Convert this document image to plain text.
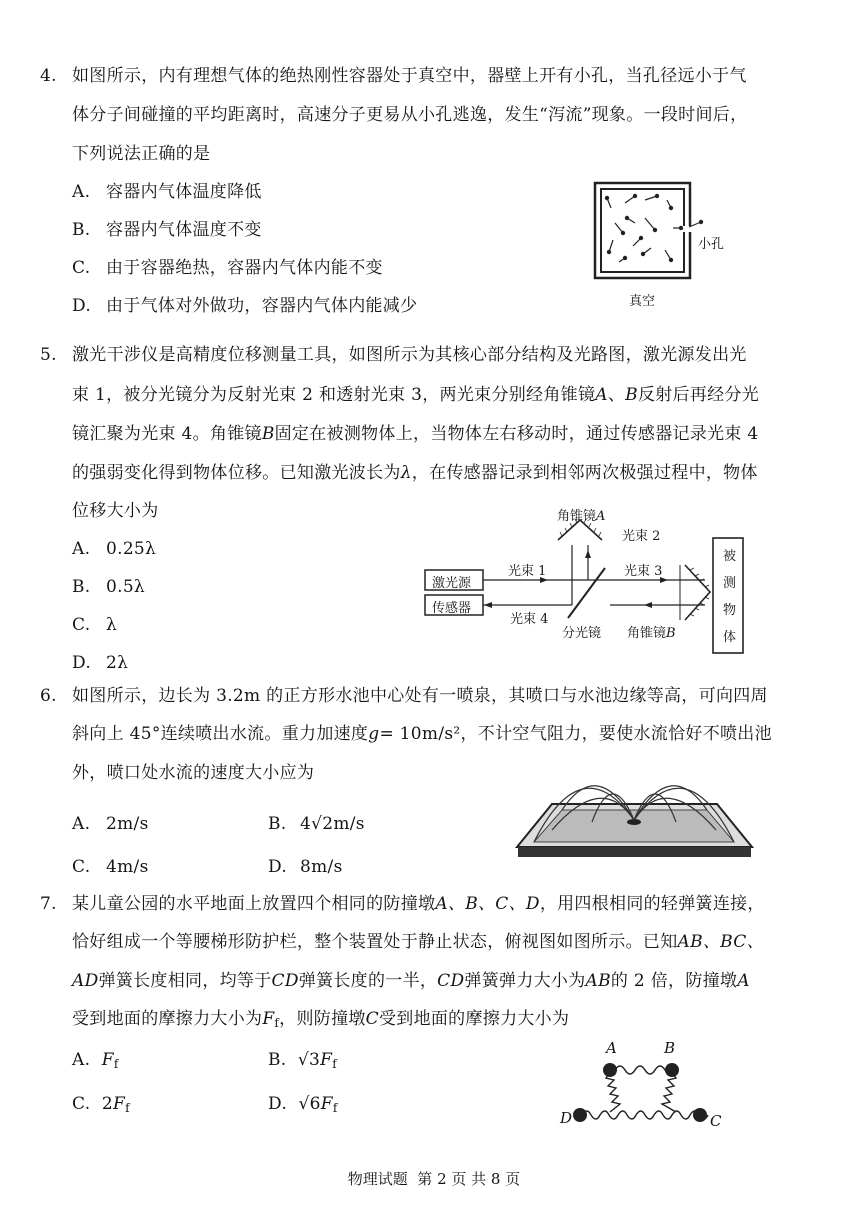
4. 如图所示，内有理想气体的绝热刚性容器处于真空中，器壁上开有小孔，当孔径远小于气
体分子间碰撞的平均距离时，高速分子更易从小孔逃逸，发生“泻流”现象。一段时间后，
下列说法正确的是
A. 容器内气体温度降低
B. 容器内气体温度不变
C. 由于容器绝热，容器内气体内能不变
D. 由于气体对外做功，容器内气体内能减少
小孔
真空
5. 激光干涉仪是高精度位移测量工具，如图所示为其核心部分结构及光路图，激光源发出光
束 1，被分光镜分为反射光束 2 和透射光束 3，两光束分别经角锥镜A、B反射后再经分光
镜汇聚为光束 4。角锥镜B固定在被测物体上，当物体左右移动时，通过传感器记录光束 4
的强弱变化得到物体位移。已知激光波长为λ，在传感器记录到相邻两次极强过程中，物体
位移大小为
A. 0.25λ
B. 0.5λ
C. λ
D. 2λ
角锥镜A
光束 2
光束 1	光束 3
光束 4
激光源
传感器
分光镜 角锥镜B
被
测
物
体
6. 如图所示，边长为 3.2m 的正方形水池中心处有一喷泉，其喷口与水池边缘等高，可向四周
斜向上 45°连续喷出水流。重力加速度g= 10m/s²，不计空气阻力，要使水流恰好不喷出池
外，喷口处水流的速度大小应为
A. 2m/s	B. 4√2m/s
C. 4m/s	D. 8m/s
7. 某儿童公园的水平地面上放置四个相同的防撞墩A、B、C、D，用四根相同的轻弹簧连接，
恰好组成一个等腰梯形防护栏，整个装置处于静止状态，俯视图如图所示。已知AB、BC、
AD弹簧长度相同，均等于CD弹簧长度的一半，CD弹簧弹力大小为AB的 2 倍，防撞墩A
受到地面的摩擦力大小为$F_f$，则防撞墩C受到地面的摩擦力大小为
A. $F_f$	B. $√3F_f$
C. $2F_f$	D. $√6F_f$
A	B
D	C
物理试题  第 2 页 共 8 页
